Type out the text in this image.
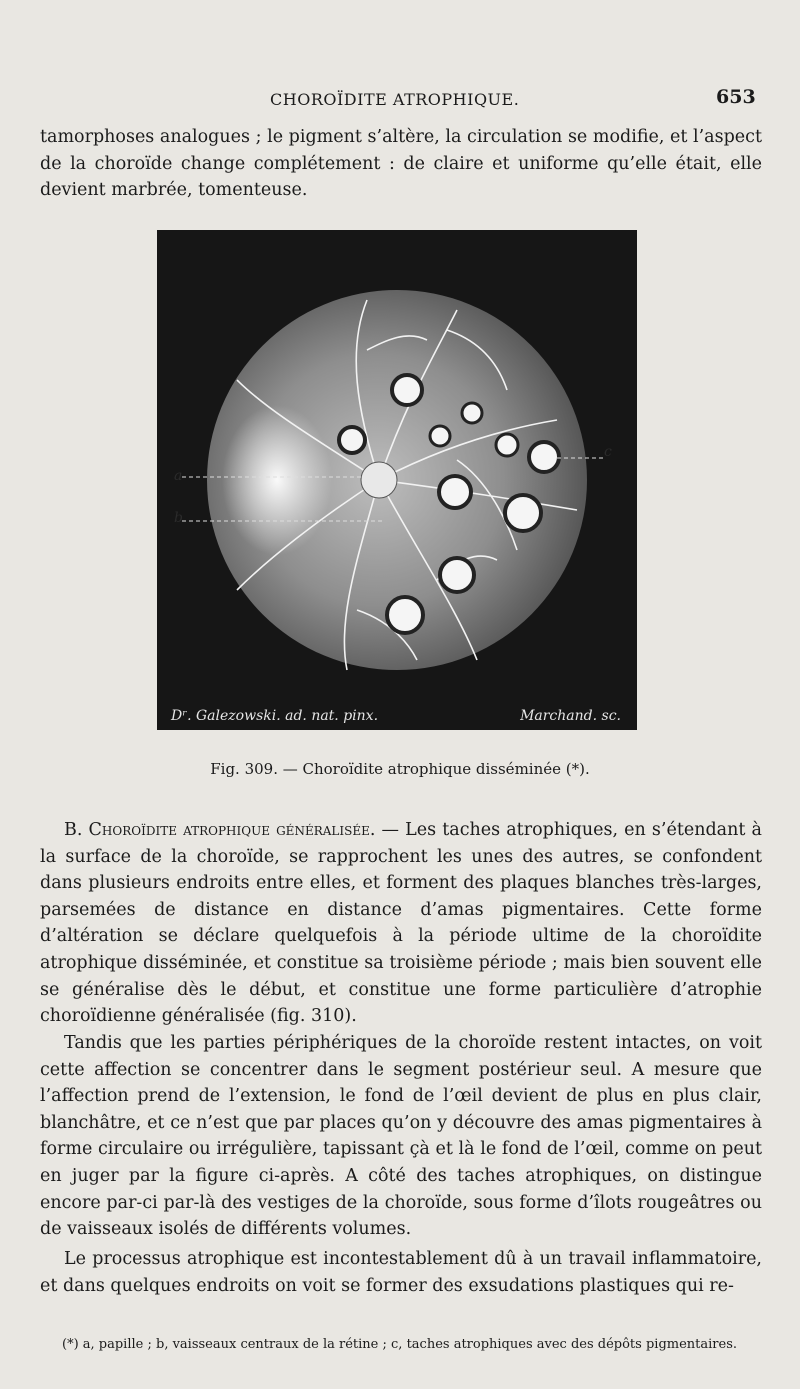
CHOROÏDITE ATROPHIQUE.	653
tamorphoses analogues ; le pigment s’altère, la circulation se modifie, et l’aspect de la choroïde change complétement : de claire et uniforme qu’elle était, elle devient marbrée, tomenteuse.
Dʳ. Galezowski. ad. nat. pinx.	Marchand. sc.
a
b
c
Fig. 309. — Choroïdite atrophique disséminée (*).
B. Choroïdite atrophique généralisée. — Les taches atrophiques, en s’étendant à la surface de la choroïde, se rapprochent les unes des autres, se confondent dans plusieurs endroits entre elles, et forment des plaques blanches très-larges, parsemées de distance en distance d’amas pigmentaires. Cette forme d’altération se déclare quelquefois à la période ultime de la choroïdite atrophique disséminée, et constitue sa troisième période ; mais bien souvent elle se généralise dès le début, et constitue une forme particulière d’atrophie choroïdienne généralisée (fig. 310).
Tandis que les parties périphériques de la choroïde restent intactes, on voit cette affection se concentrer dans le segment postérieur seul. A mesure que l’affection prend de l’extension, le fond de l’œil devient de plus en plus clair, blanchâtre, et ce n’est que par places qu’on y découvre des amas pigmentaires à forme circulaire ou irrégulière, tapissant çà et là le fond de l’œil, comme on peut en juger par la figure ci-après. A côté des taches atrophiques, on distingue encore par-ci par-là des vestiges de la choroïde, sous forme d’îlots rougeâtres ou de vaisseaux isolés de différents volumes.
Le processus atrophique est incontestablement dû à un travail inflammatoire, et dans quelques endroits on voit se former des exsudations plastiques qui re-
(*) a, papille ; b, vaisseaux centraux de la rétine ; c, taches atrophiques avec des dépôts pigmentaires.
